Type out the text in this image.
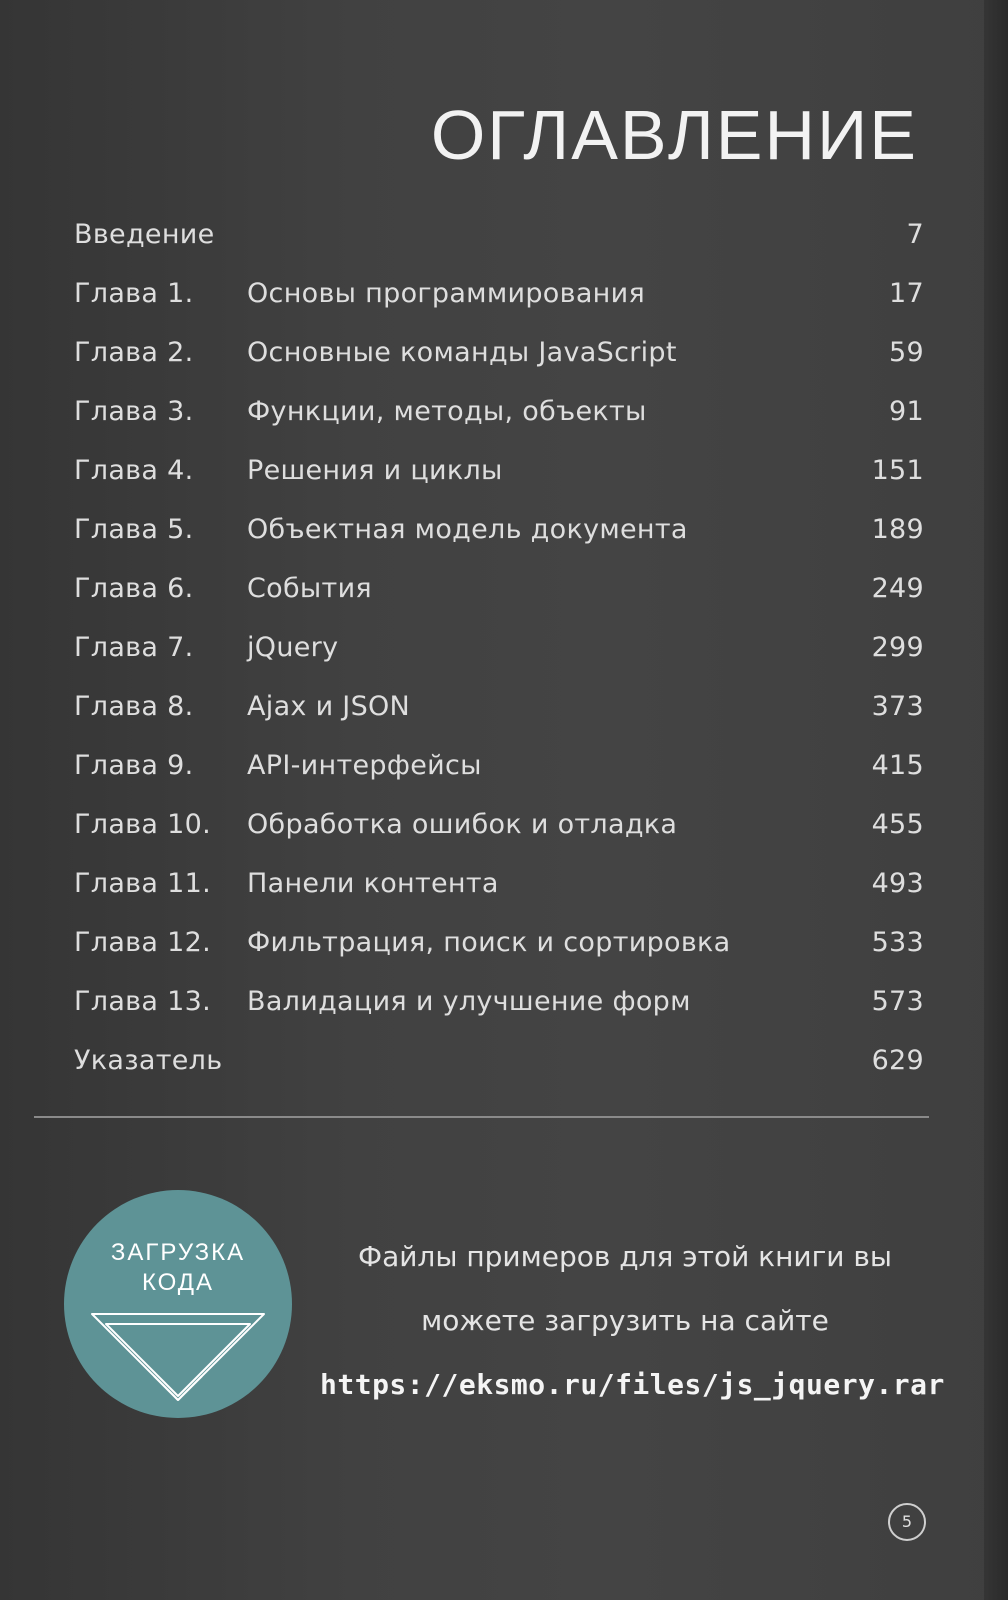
ОГЛАВЛЕНИЕ
Введение	7
Глава 1. Основы программирования	17
Глава 2. Основные команды JavaScript	59
Глава 3. Функции, методы, объекты	91
Глава 4. Решения и циклы	151
Глава 5. Объектная модель документа	189
Глава 6. События	249
Глава 7. jQuery	299
Глава 8. Ajax и JSON	373
Глава 9. API-интерфейсы	415
Глава 10. Обработка ошибок и отладка	455
Глава 11. Панели контента	493
Глава 12. Фильтрация, поиск и сортировка	533
Глава 13. Валидация и улучшение форм	573
Указатель	629
ЗАГРУЗКА
КОДА
Файлы примеров для этой книги вы
можете загрузить на сайте
https://eksmo.ru/files/js_jquery.rar
5
